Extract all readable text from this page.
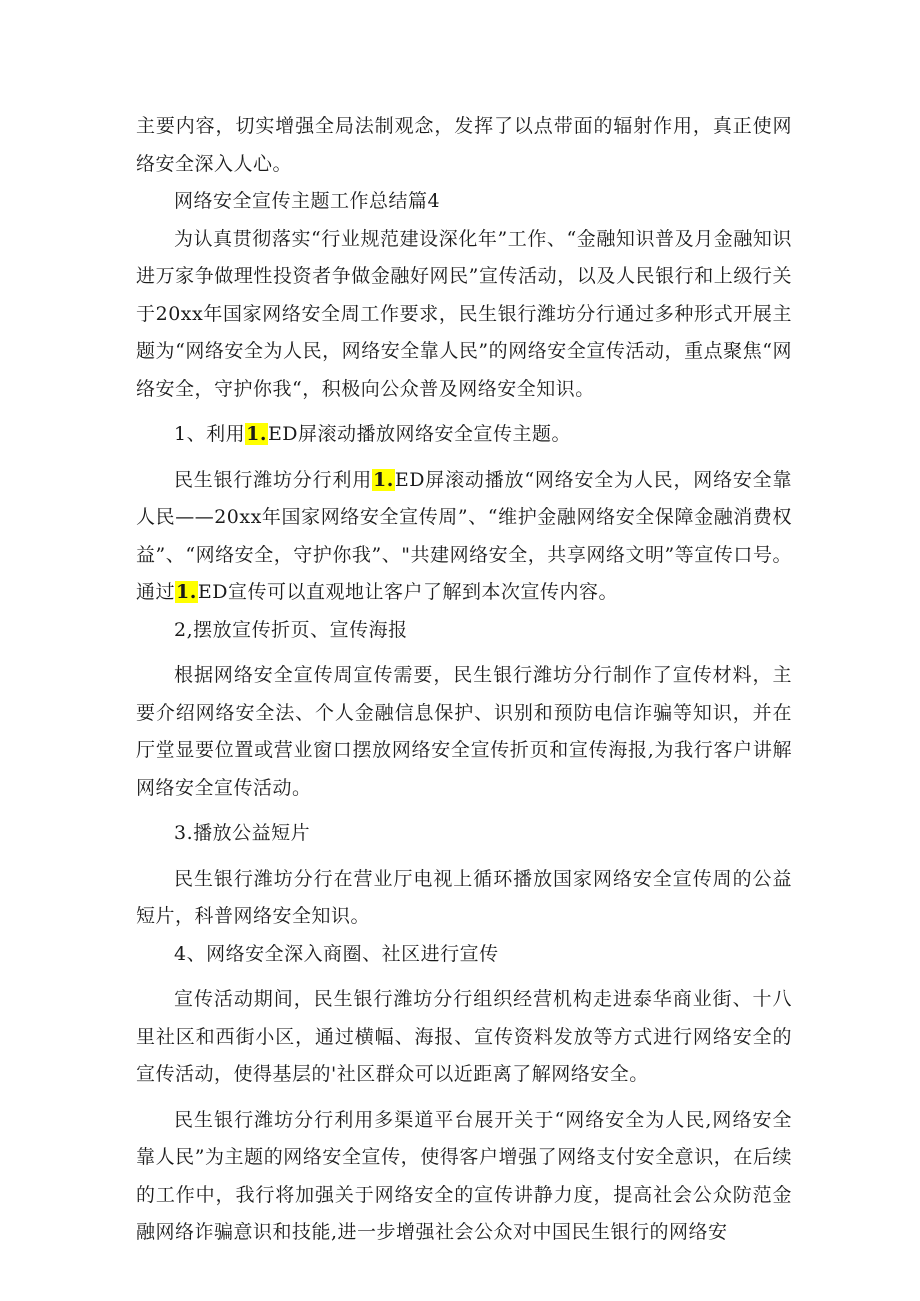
主要内容，切实增强全局法制观念，发挥了以点带面的辐射作用，真正使网络安全深入人心。

网络安全宣传主题工作总结篇4

为认真贯彻落实“行业规范建设深化年”工作、“金融知识普及月金融知识进万家争做理性投资者争做金融好网民”宣传活动，以及人民银行和上级行关于20xx年国家网络安全周工作要求，民生银行潍坊分行通过多种形式开展主题为“网络安全为人民，网络安全靠人民”的网络安全宣传活动，重点聚焦“网络安全，守护你我“，积极向公众普及网络安全知识。

1、利用1.ED屏滚动播放网络安全宣传主题。

民生银行潍坊分行利用1.ED屏滚动播放“网络安全为人民，网络安全靠人民——20xx年国家网络安全宣传周”、“维护金融网络安全保障金融消费权益”、“网络安全，守护你我”、"共建网络安全，共享网络文明”等宣传口号。通过1.ED宣传可以直观地让客户了解到本次宣传内容。

2,摆放宣传折页、宣传海报

根据网络安全宣传周宣传需要，民生银行潍坊分行制作了宣传材料，主要介绍网络安全法、个人金融信息保护、识别和预防电信诈骗等知识，并在厅堂显要位置或营业窗口摆放网络安全宣传折页和宣传海报,为我行客户讲解网络安全宣传活动。

3.播放公益短片

民生银行潍坊分行在营业厅电视上循环播放国家网络安全宣传周的公益短片，科普网络安全知识。

4、网络安全深入商圈、社区进行宣传

宣传活动期间，民生银行潍坊分行组织经营机构走进泰华商业街、十八里社区和西街小区，通过横幅、海报、宣传资料发放等方式进行网络安全的宣传活动，使得基层的'社区群众可以近距离了解网络安全。

民生银行潍坊分行利用多渠道平台展开关于“网络安全为人民,网络安全靠人民”为主题的网络安全宣传，使得客户增强了网络支付安全意识，在后续的工作中，我行将加强关于网络安全的宣传讲静力度，提高社会公众防范金融网络诈骗意识和技能,进一步增强社会公众对中国民生银行的网络安
